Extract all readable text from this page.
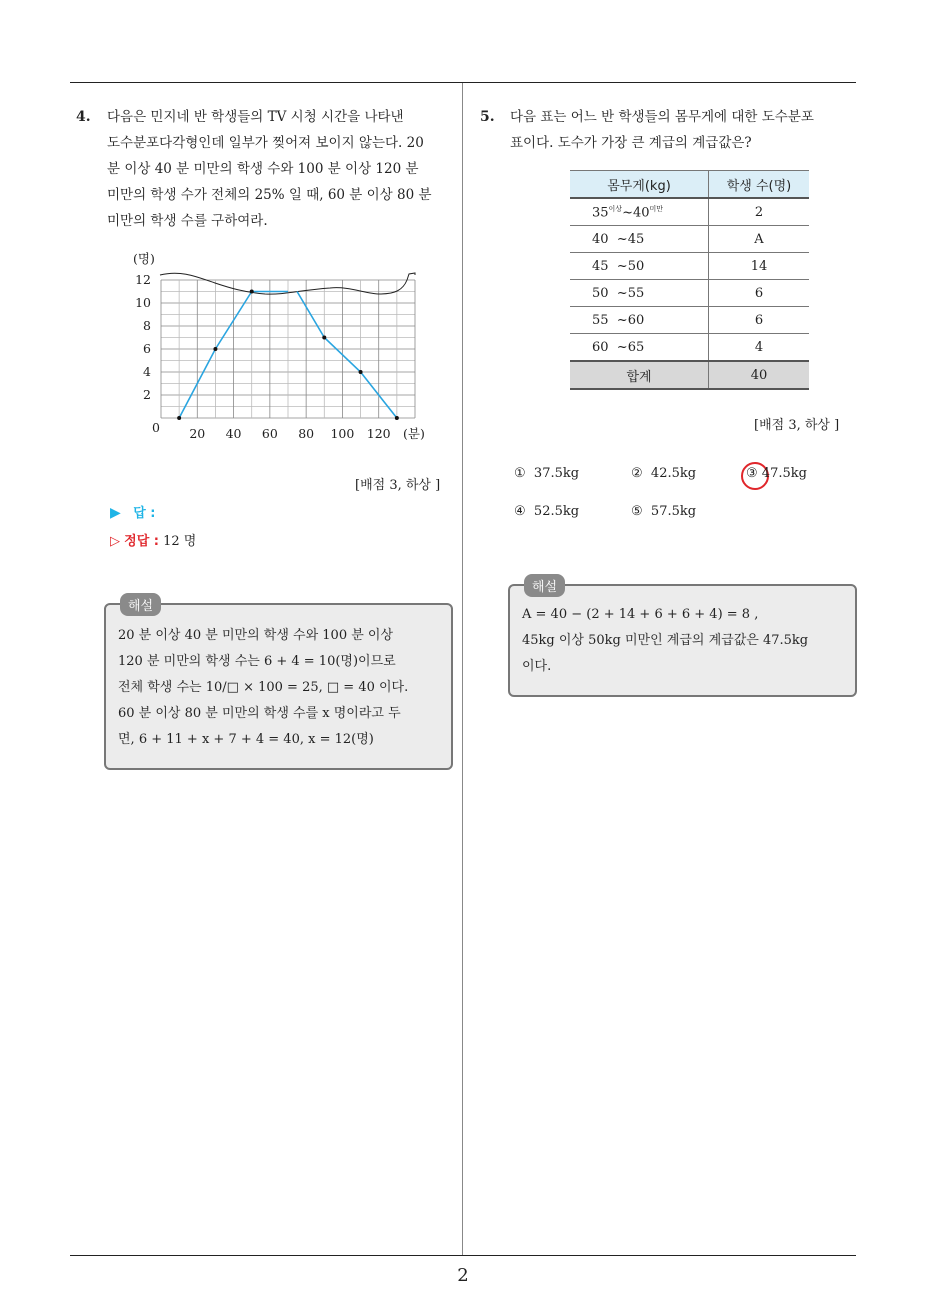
4. 다음은 민지네 반 학생들의 TV 시청 시간을 나타낸
도수분포다각형인데 일부가 찢어져 보이지 않는다. 20
분 이상 40 분 미만의 학생 수와 100 분 이상 120 분
미만의 학생 수가 전체의 25% 일 때, 60 분 이상 80 분
미만의 학생 수를 구하여라.
2
4
6
8
10
12
20 40 60 80 100 120
(명)
(분)
0
[배점 3, 하상 ]
▶ 답 :
▷ 정답 : 12 명
해설
20 분 이상 40 분 미만의 학생 수와 100 분 이상
120 분 미만의 학생 수는 6 + 4 = 10(명)이므로
전체 학생 수는 10/□ × 100 = 25, □ = 40 이다.
60 분 이상 80 분 미만의 학생 수를 x 명이라고 두
면, 6 + 11 + x + 7 + 4 = 40, x = 12(명)
5. 다음 표는 어느 반 학생들의 몸무게에 대한 도수분포
표이다. 도수가 가장 큰 계급의 계급값은?
몸무게(kg)	학생 수(명)
$35^{이상}\sim 40^{미만}$	2
40  ~45	A
45  ~50	14
50  ~55	6
55  ~60	6
60  ~65	4
합계	40
[배점 3, 하상 ]
① 37.5kg	② 42.5kg	③ 47.5kg
④ 52.5kg	⑤ 57.5kg
해설
A = 40 − (2 + 14 + 6 + 6 + 4) = 8 ,
45kg 이상 50kg 미만인 계급의 계급값은 47.5kg
이다.
2
